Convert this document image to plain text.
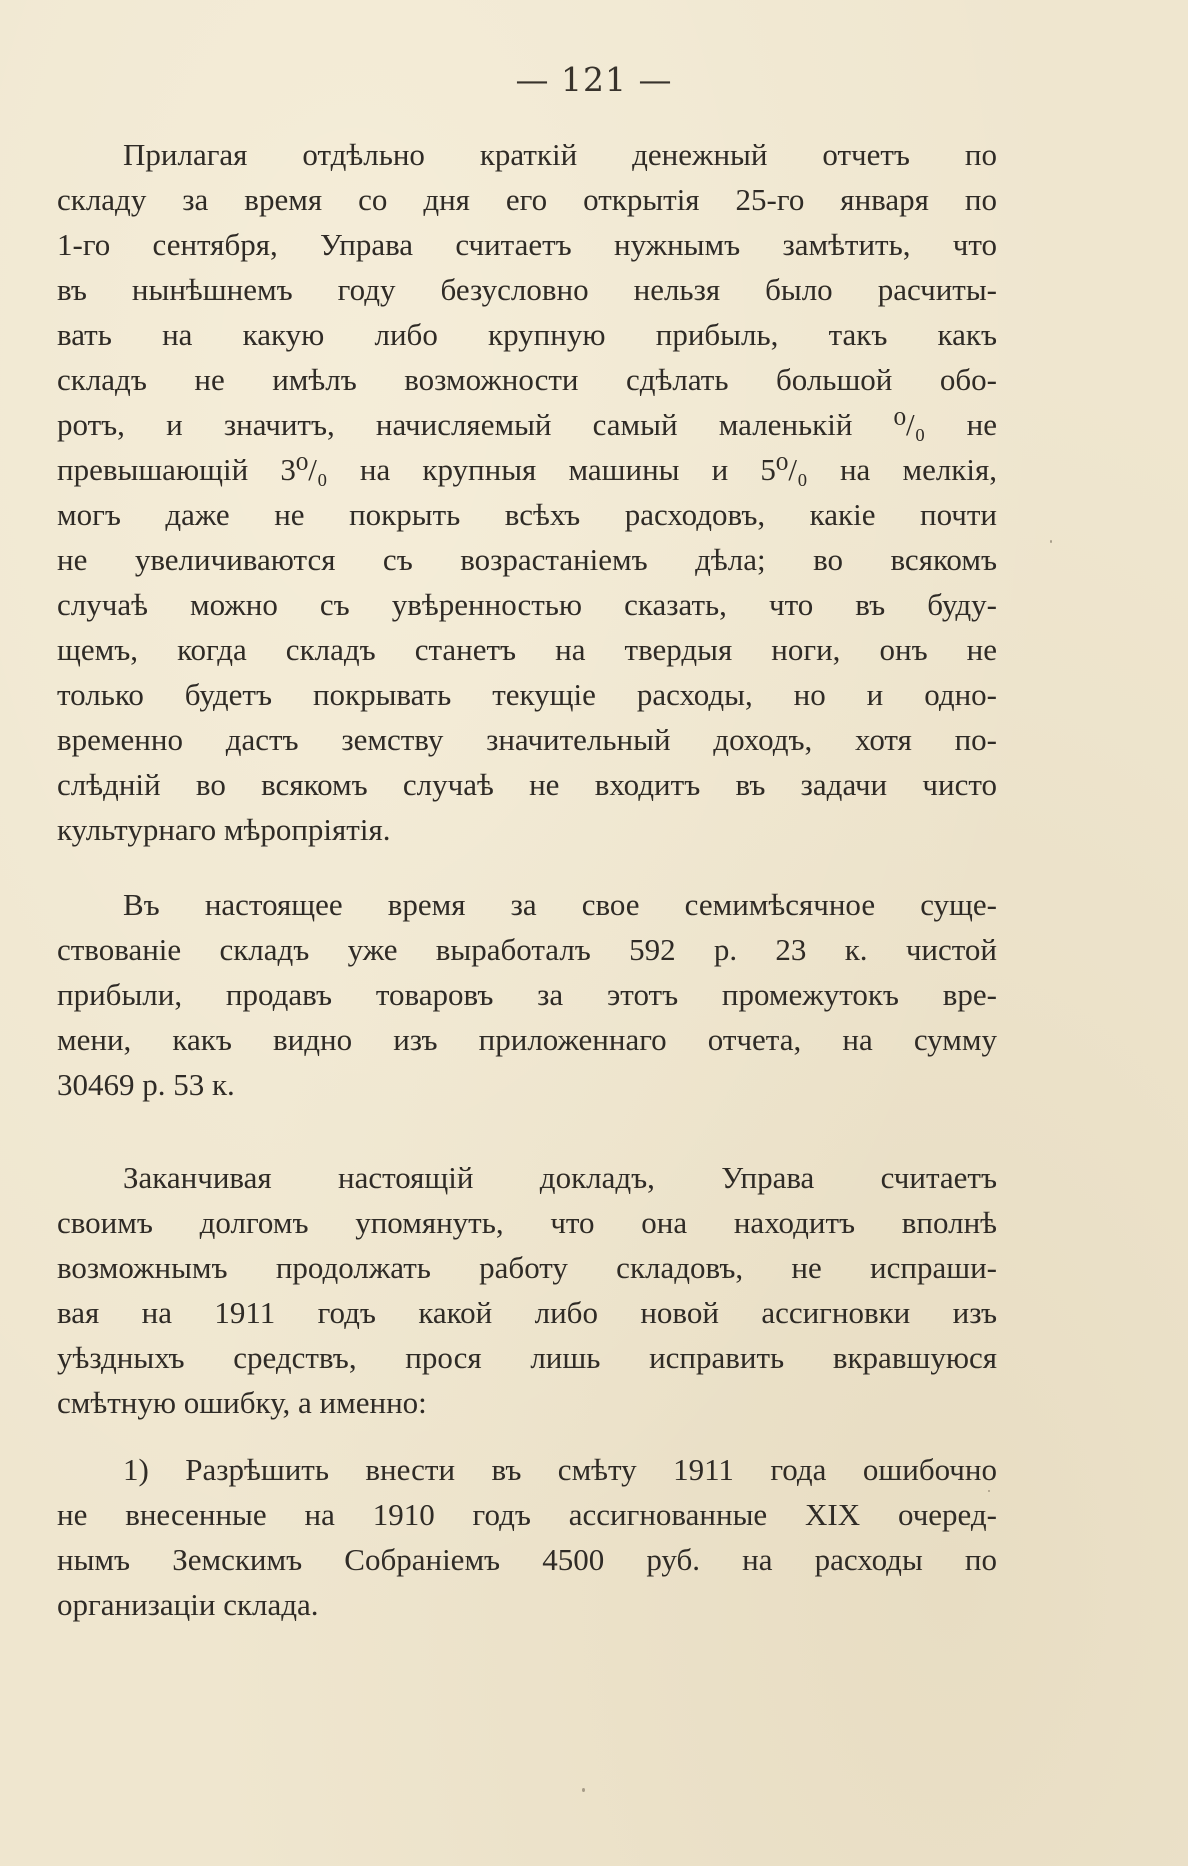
— 121 —
Прилагая отдѣльно краткій денежный отчетъ по
складу за время со дня его открытія 25-го января по
1-го сентября, Управа считаетъ нужнымъ замѣтить, что
въ нынѣшнемъ году безусловно нельзя было расчиты-
вать на какую либо крупную прибыль, такъ какъ
складъ не имѣлъ возможности сдѣлать большой обо-
ротъ, и значитъ, начисляемый самый маленькій ⁰/₀ не
превышающій 3⁰/₀ на крупныя машины и 5⁰/₀ на мелкія,
могъ даже не покрыть всѣхъ расходовъ, какіе почти
не увеличиваются съ возрастаніемъ дѣла; во всякомъ
случаѣ можно съ увѣренностью сказать, что въ буду-
щемъ, когда складъ станетъ на твердыя ноги, онъ не
только будетъ покрывать текущіе расходы, но и одно-
временно дастъ земству значительный доходъ, хотя по-
слѣдній во всякомъ случаѣ не входитъ въ задачи чисто
культурнаго мѣропріятія.
Въ настоящее время за свое семимѣсячное суще-
ствованіе складъ уже выработалъ 592 р. 23 к. чистой
прибыли, продавъ товаровъ за этотъ промежутокъ вре-
мени, какъ видно изъ приложеннаго отчета, на сумму
30469 р. 53 к.
Заканчивая настоящій докладъ, Управа считаетъ
своимъ долгомъ упомянуть, что она находитъ вполнѣ
возможнымъ продолжать работу складовъ, не испраши-
вая на 1911 годъ какой либо новой ассигновки изъ
уѣздныхъ средствъ, прося лишь исправить вкравшуюся
смѣтную ошибку, а именно:
1) Разрѣшить внести въ смѣту 1911 года ошибочно
не внесенные на 1910 годъ ассигнованные XIX очеред-
нымъ Земскимъ Собраніемъ 4500 руб. на расходы по
организаціи склада.
